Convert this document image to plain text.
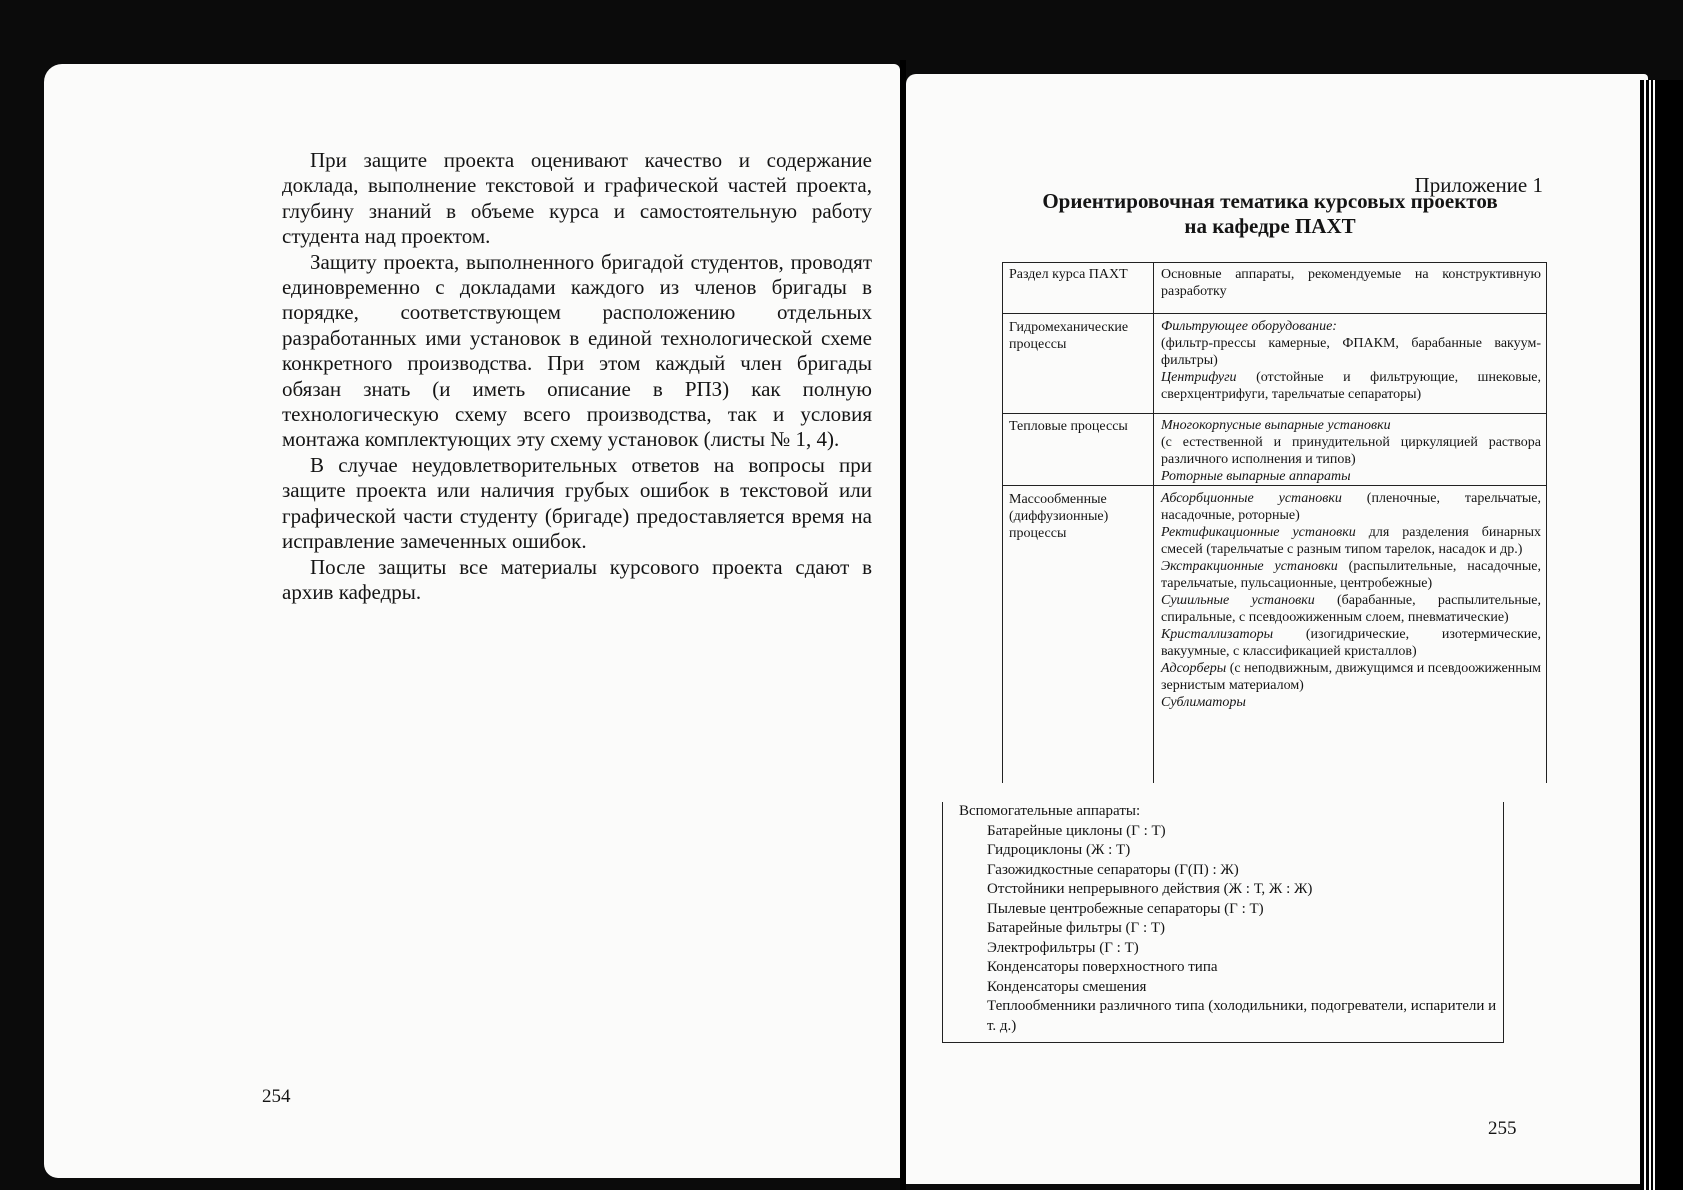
При защите проекта оценивают качество и содержание доклада, выполнение текстовой и графической частей проекта, глубину знаний в объеме курса и самостоятельную работу студента над проектом.

Защиту проекта, выполненного бригадой студентов, проводят единовременно с докладами каждого из членов бригады в порядке, соответствующем расположению отдельных разработанных ими установок в единой технологической схеме конкретного производства. При этом каждый член бригады обязан знать (и иметь описание в РПЗ) как полную технологическую схему всего производства, так и условия монтажа комплектующих эту схему установок (листы № 1, 4).

В случае неудовлетворительных ответов на вопросы при защите проекта или наличия грубых ошибок в текстовой или графической части студенту (бригаде) предоставляется время на исправление замеченных ошибок.

После защиты все материалы курсового проекта сдают в архив кафедры.

254
Приложение 1
Ориентировочная тематика курсовых проектов
на кафедре ПАХТ
Раздел курса ПАХТ	Основные аппараты, рекомендуемые на конструктивную разработку
Гидромеханические процессы
Фильтрующее оборудование:
(фильтр-прессы камерные, ФПАКМ, барабанные вакуум-фильтры)
Центрифуги (отстойные и фильтрующие, шнековые, сверхцентрифуги, тарельчатые сепараторы)
Тепловые процессы	Многокорпусные выпарные установки
(с естественной и принудительной циркуляцией раствора различного исполнения и типов)
Роторные выпарные аппараты
Массообменные (диффузионные) процессы
Абсорбционные установки (пленочные, тарельчатые, насадочные, роторные)
Ректификационные установки для разделения бинарных смесей (тарельчатые с разным типом тарелок, насадок и др.)
Экстракционные установки (распылительные, насадочные, тарельчатые, пульсационные, центробежные)
Сушильные установки (барабанные, распылительные, спиральные, с псевдоожиженным слоем, пневматические)
Кристаллизаторы (изогидрические, изотермические, вакуумные, с классификацией кристаллов)
Адсорберы (с неподвижным, движущимся и псевдоожиженным зернистым материалом)
Сублиматоры
Вспомогательные аппараты:
Батарейные циклоны (Г : Т)
Гидроциклоны (Ж : Т)
Газожидкостные сепараторы (Г(П) : Ж)
Отстойники непрерывного действия (Ж : Т, Ж : Ж)
Пылевые центробежные сепараторы (Г : Т)
Батарейные фильтры (Г : Т)
Электрофильтры (Г : Т)
Конденсаторы поверхностного типа
Конденсаторы смешения
Теплообменники различного типа (холодильники, подогреватели, испарители и т. д.)
255
